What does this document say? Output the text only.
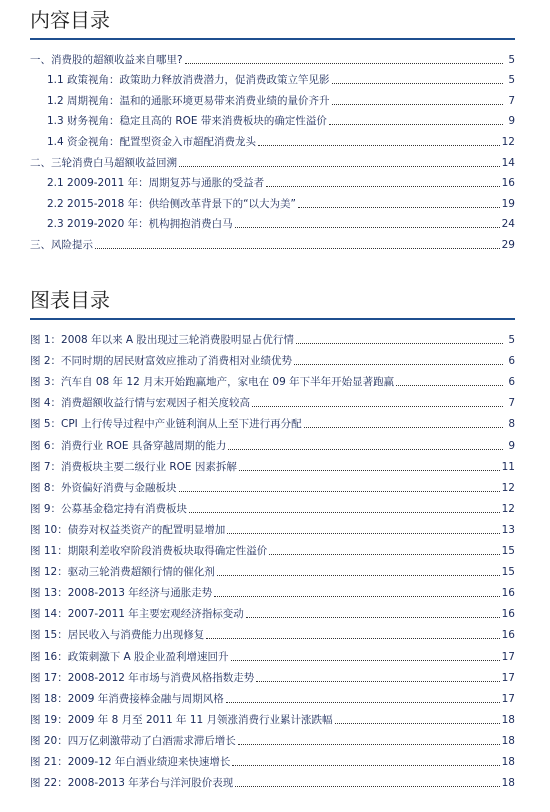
内容目录
一、消费股的超额收益来自哪里?	5
1.1 政策视角：政策助力释放消费潜力，促消费政策立竿见影	5
1.2 周期视角：温和的通胀环境更易带来消费业绩的量价齐升	7
1.3 财务视角：稳定且高的 ROE 带来消费板块的确定性溢价	9
1.4 资金视角：配置型资金入市超配消费龙头	12
二、三轮消费白马超额收益回溯	14
2.1 2009-2011 年：周期复苏与通胀的受益者	16
2.2 2015-2018 年：供给侧改革背景下的“以大为美”	19
2.3 2019-2020 年：机构拥抱消费白马	24
三、风险提示	29
图表目录
图 1：2008 年以来 A 股出现过三轮消费股明显占优行情	5
图 2：不同时期的居民财富效应推动了消费相对业绩优势	6
图 3：汽车自 08 年 12 月末开始跑赢地产，家电在 09 年下半年开始显著跑赢	6
图 4：消费超额收益行情与宏观因子相关度较高	7
图 5：CPI 上行传导过程中产业链利润从上至下进行再分配	8
图 6：消费行业 ROE 具备穿越周期的能力	9
图 7：消费板块主要二级行业 ROE 因素拆解	11
图 8：外资偏好消费与金融板块	12
图 9：公募基金稳定持有消费板块	12
图 10：债券对权益类资产的配置明显增加	13
图 11：期限利差收窄阶段消费板块取得确定性溢价	15
图 12：驱动三轮消费超额行情的催化剂	15
图 13：2008-2013 年经济与通胀走势	16
图 14：2007-2011 年主要宏观经济指标变动	16
图 15：居民收入与消费能力出现修复	16
图 16：政策刺激下 A 股企业盈利增速回升	17
图 17：2008-2012 年市场与消费风格指数走势	17
图 18：2009 年消费接棒金融与周期风格	17
图 19：2009 年 8 月至 2011 年 11 月领涨消费行业累计涨跌幅	18
图 20：四万亿刺激带动了白酒需求滞后增长	18
图 21：2009-12 年白酒业绩迎来快速增长	18
图 22：2008-2013 年茅台与洋河股价表现	18
